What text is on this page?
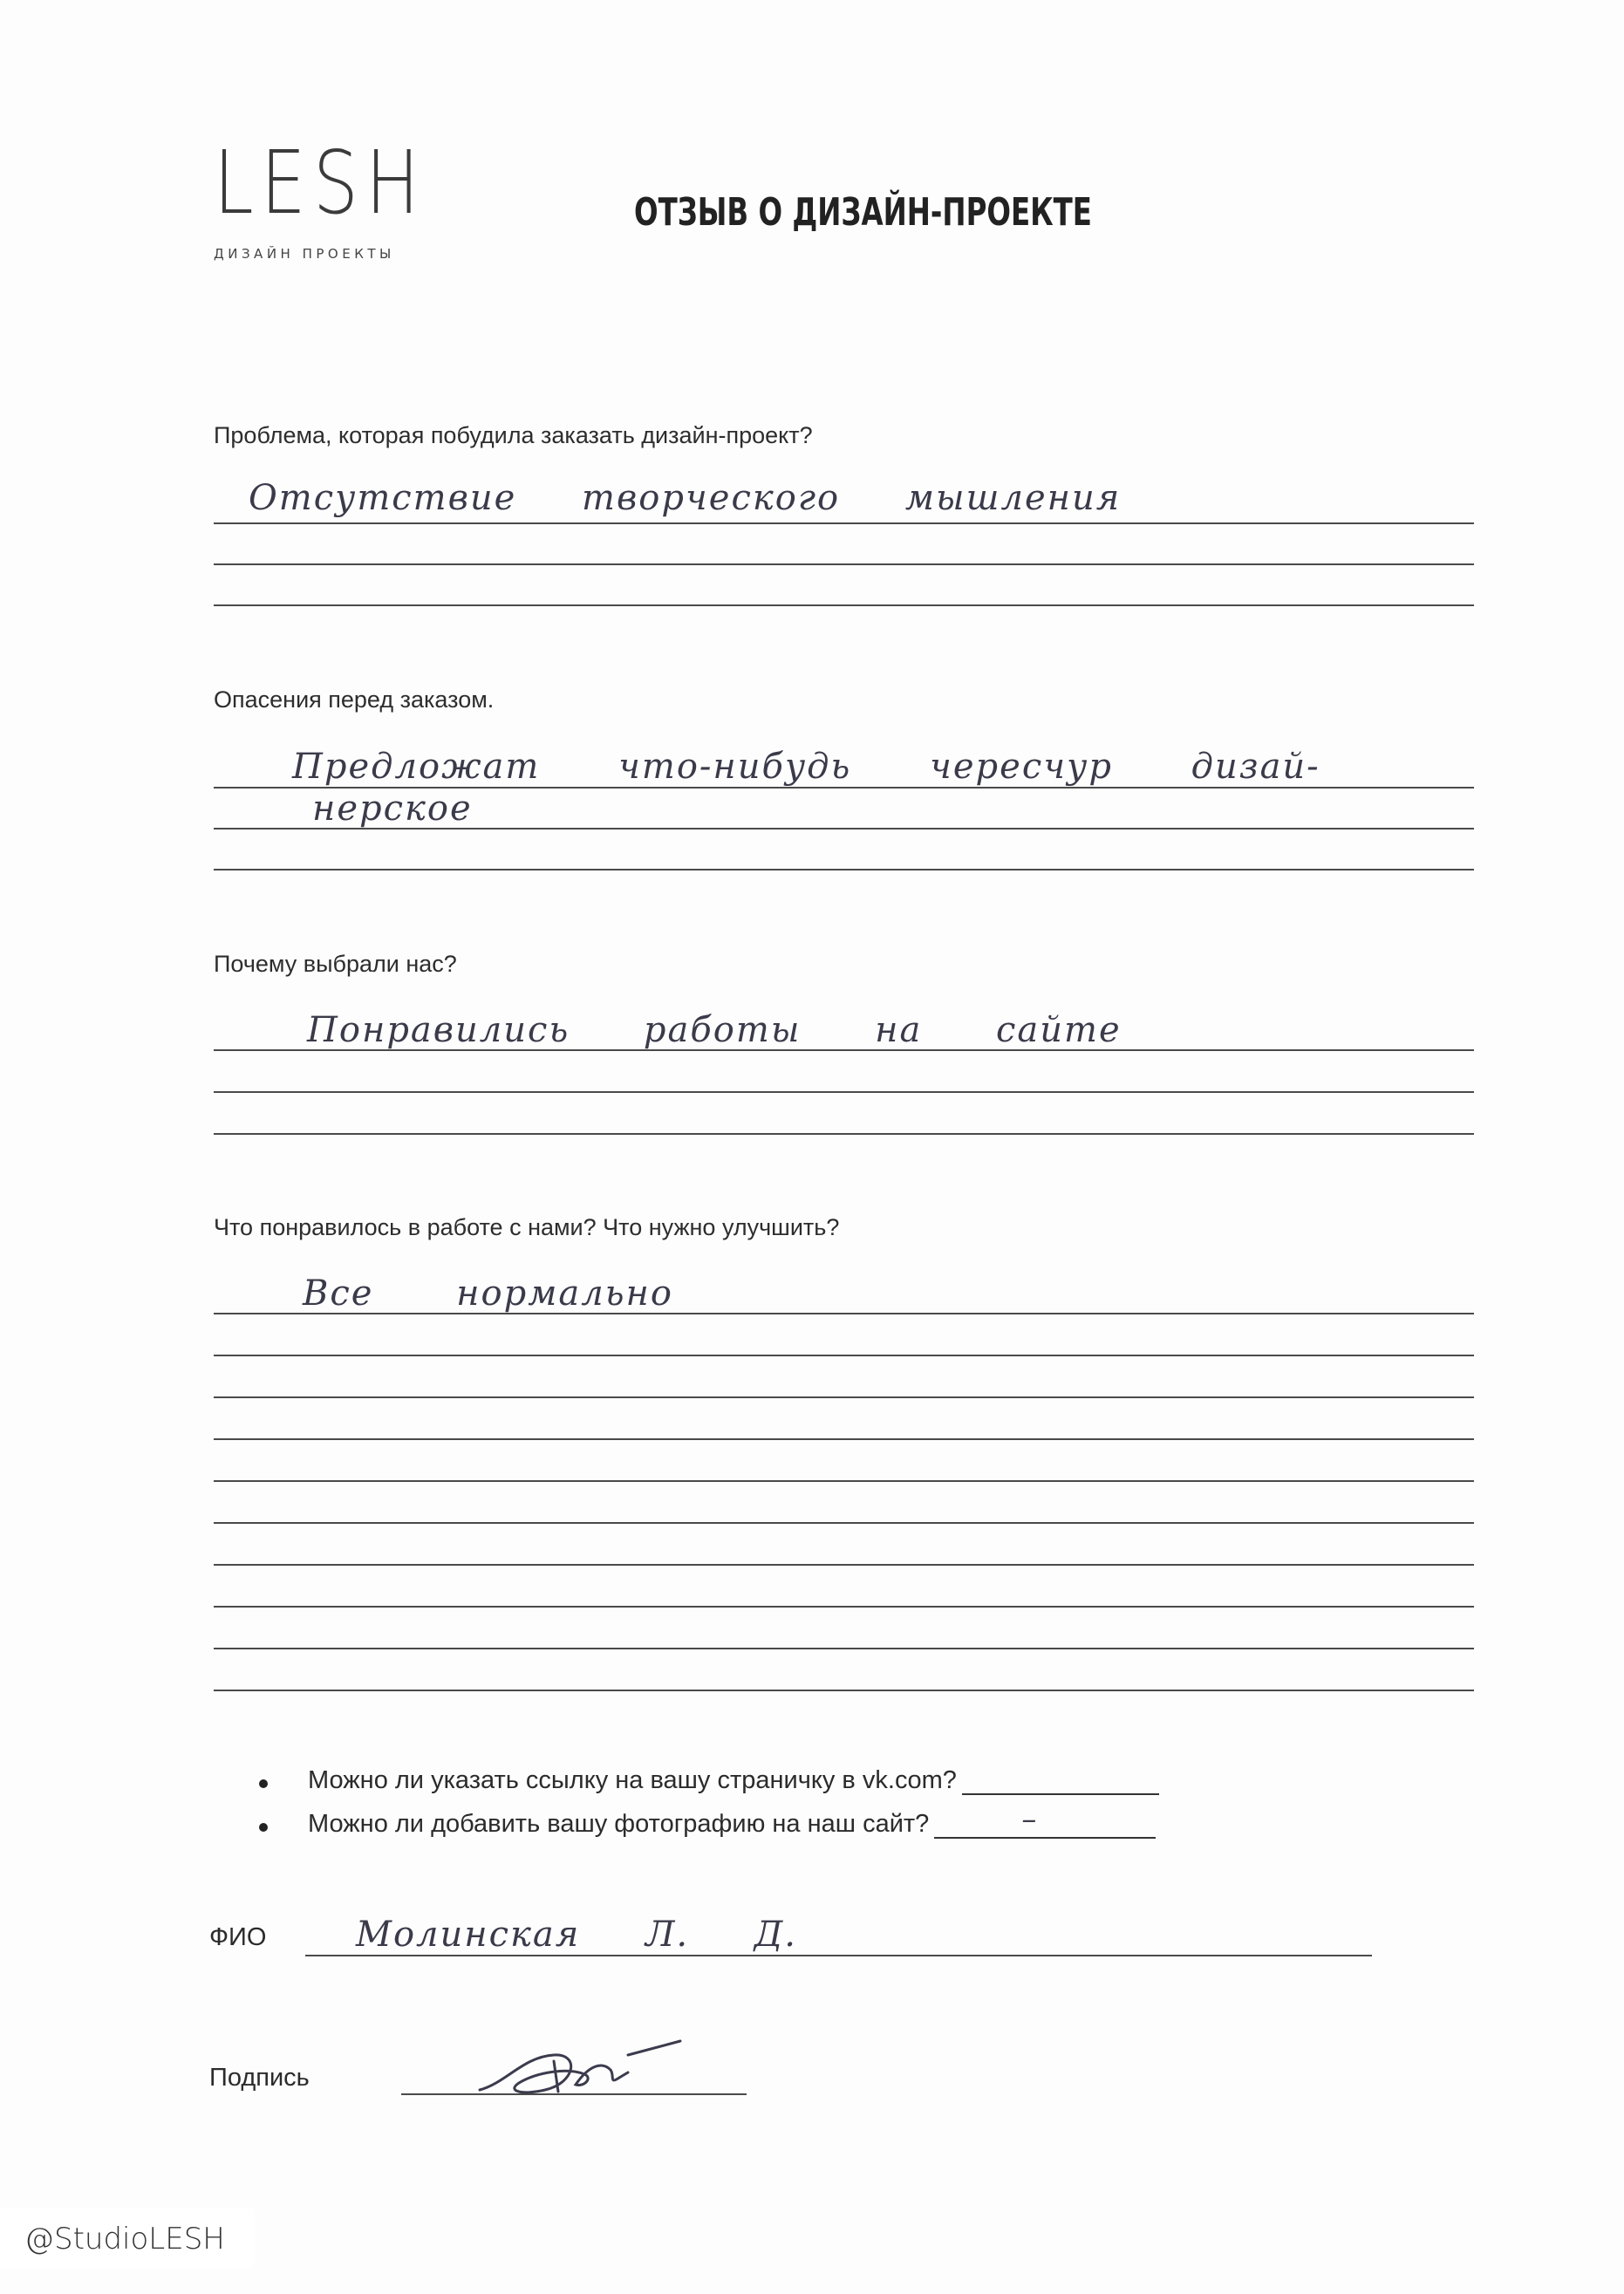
LESH
ДИЗАЙН ПРОЕКТЫ
ОТЗЫВ О ДИЗАЙН-ПРОЕКТЕ
Проблема, которая побудила заказать дизайн-проект?
Отсутствие творческого мышления
Опасения перед заказом.
Предложат что-нибудь чересчур дизай-
нерское
Почему выбрали нас?
Понравились работы на сайте
Что понравилось в работе с нами? Что нужно улучшить?
Все нормально
Можно ли указать ссылку на вашу страничку в vk.com?
Можно ли добавить вашу фотографию на наш сайт?	–
ФИО	Молинская Л. Д.
Подпись
@StudioLESH
